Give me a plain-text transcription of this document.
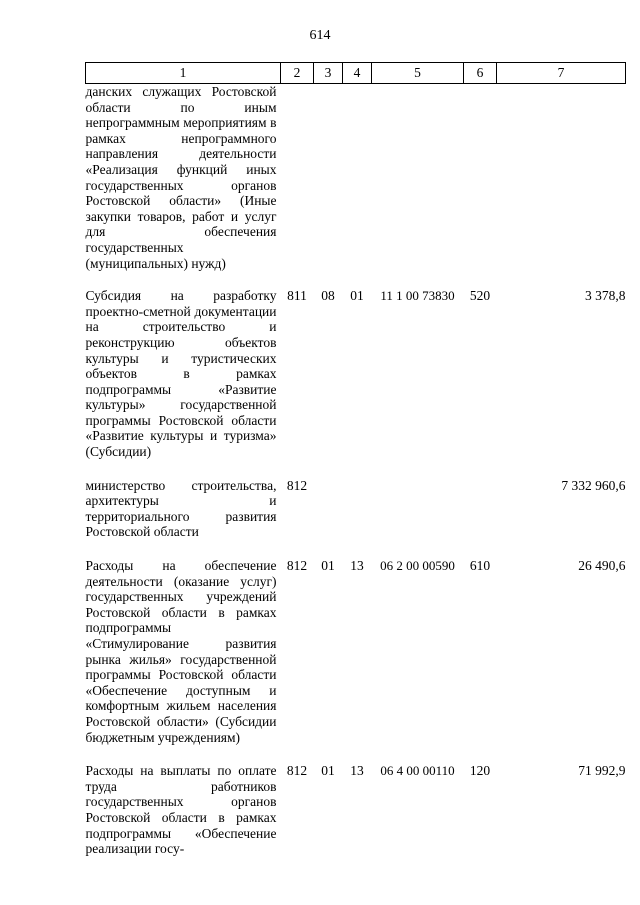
614
1	2	3	4	5	6	7
данских служащих Ростовской области по иным непрограммным мероприятиям в рамках непрограммного направления деятельности «Реализация функций иных государственных органов Ростовской области» (Иные закупки товаров, работ и услуг для обеспечения государственных (муниципальных) нужд)						
Субсидия на разработку проектно-сметной документации на строительство и реконструкцию объектов культуры и туристических объектов в рамках подпрограммы «Развитие культуры» государственной программы Ростовской области «Развитие культуры и туризма» (Субсидии)	811	08	01	11 1 00 73830	520	3 378,8
министерство строительства, архитектуры и территориального развития Ростовской области	812					7 332 960,6
Расходы на обеспечение деятельности (оказание услуг) государственных учреждений Ростовской области в рамках подпрограммы «Стимулирование развития рынка жилья» государственной программы Ростовской области «Обеспечение доступным и комфортным жильем населения Ростовской области» (Субсидии бюджетным учреждениям)	812	01	13	06 2 00 00590	610	26 490,6
Расходы на выплаты по оплате труда работников государственных органов Ростовской области в рамках подпрограммы «Обеспечение реализации госу-	812	01	13	06 4 00 00110	120	71 992,9
